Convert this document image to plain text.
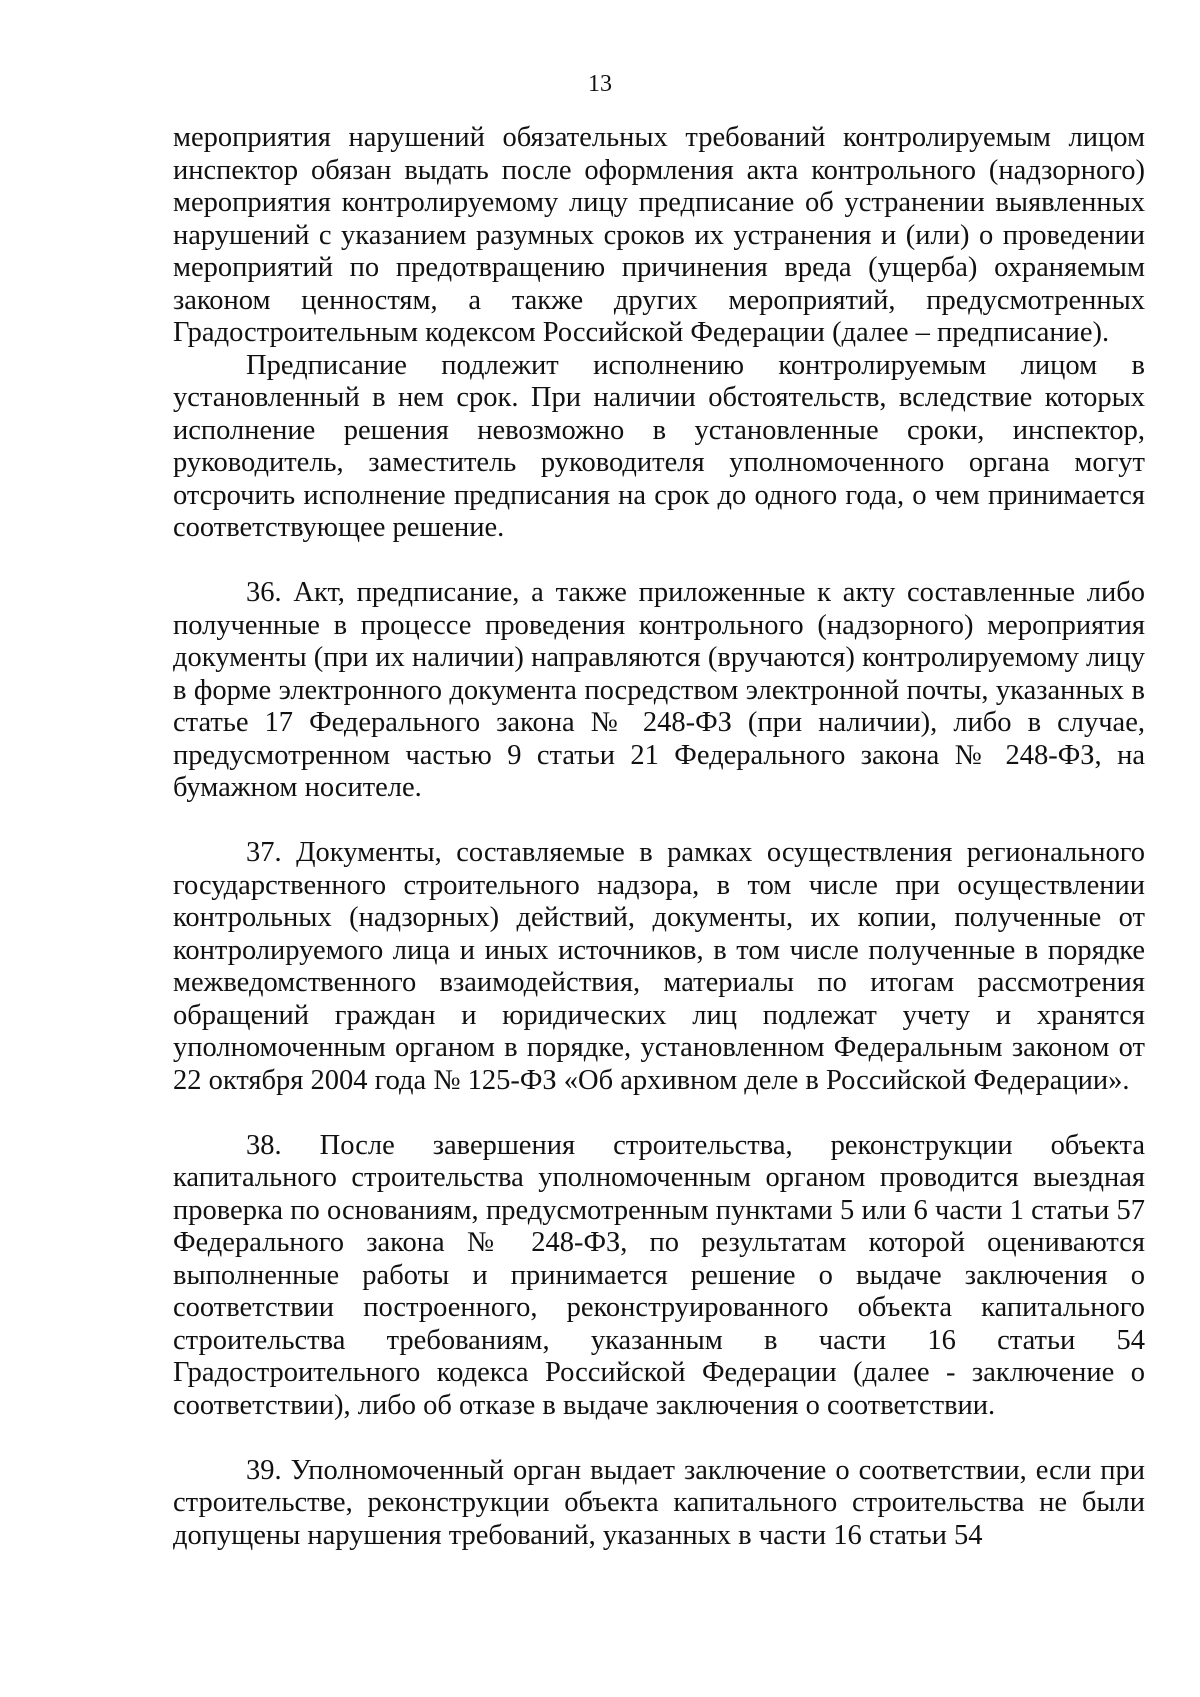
13

мероприятия нарушений обязательных требований контролируемым лицом инспектор обязан выдать после оформления акта контрольного (надзорного) мероприятия контролируемому лицу предписание об устранении выявленных нарушений с указанием разумных сроков их устранения и (или) о проведении мероприятий по предотвращению причинения вреда (ущерба) охраняемым законом ценностям, а также других мероприятий, предусмотренных Градостроительным кодексом Российской Федерации (далее – предписание).

Предписание подлежит исполнению контролируемым лицом в установленный в нем срок. При наличии обстоятельств, вследствие которых исполнение решения невозможно в установленные сроки, инспектор, руководитель, заместитель руководителя уполномоченного органа могут отсрочить исполнение предписания на срок до одного года, о чем принимается соответствующее решение.

36. Акт, предписание, а также приложенные к акту составленные либо полученные в процессе проведения контрольного (надзорного) мероприятия документы (при их наличии) направляются (вручаются) контролируемому лицу в форме электронного документа посредством электронной почты, указанных в статье 17 Федерального закона № 248-ФЗ (при наличии), либо в случае, предусмотренном частью 9 статьи 21 Федерального закона № 248-ФЗ, на бумажном носителе.

37. Документы, составляемые в рамках осуществления регионального государственного строительного надзора, в том числе при осуществлении контрольных (надзорных) действий, документы, их копии, полученные от контролируемого лица и иных источников, в том числе полученные в порядке межведомственного взаимодействия, материалы по итогам рассмотрения обращений граждан и юридических лиц подлежат учету и хранятся уполномоченным органом в порядке, установленном Федеральным законом от 22 октября 2004 года № 125-ФЗ «Об архивном деле в Российской Федерации».

38. После завершения строительства, реконструкции объекта капитального строительства уполномоченным органом проводится выездная проверка по основаниям, предусмотренным пунктами 5 или 6 части 1 статьи 57 Федерального закона № 248-ФЗ, по результатам которой оцениваются выполненные работы и принимается решение о выдаче заключения о соответствии построенного, реконструированного объекта капитального строительства требованиям, указанным в части 16 статьи 54 Градостроительного кодекса Российской Федерации (далее - заключение о соответствии), либо об отказе в выдаче заключения о соответствии.

39. Уполномоченный орган выдает заключение о соответствии, если при строительстве, реконструкции объекта капитального строительства не были допущены нарушения требований, указанных в части 16 статьи 54
